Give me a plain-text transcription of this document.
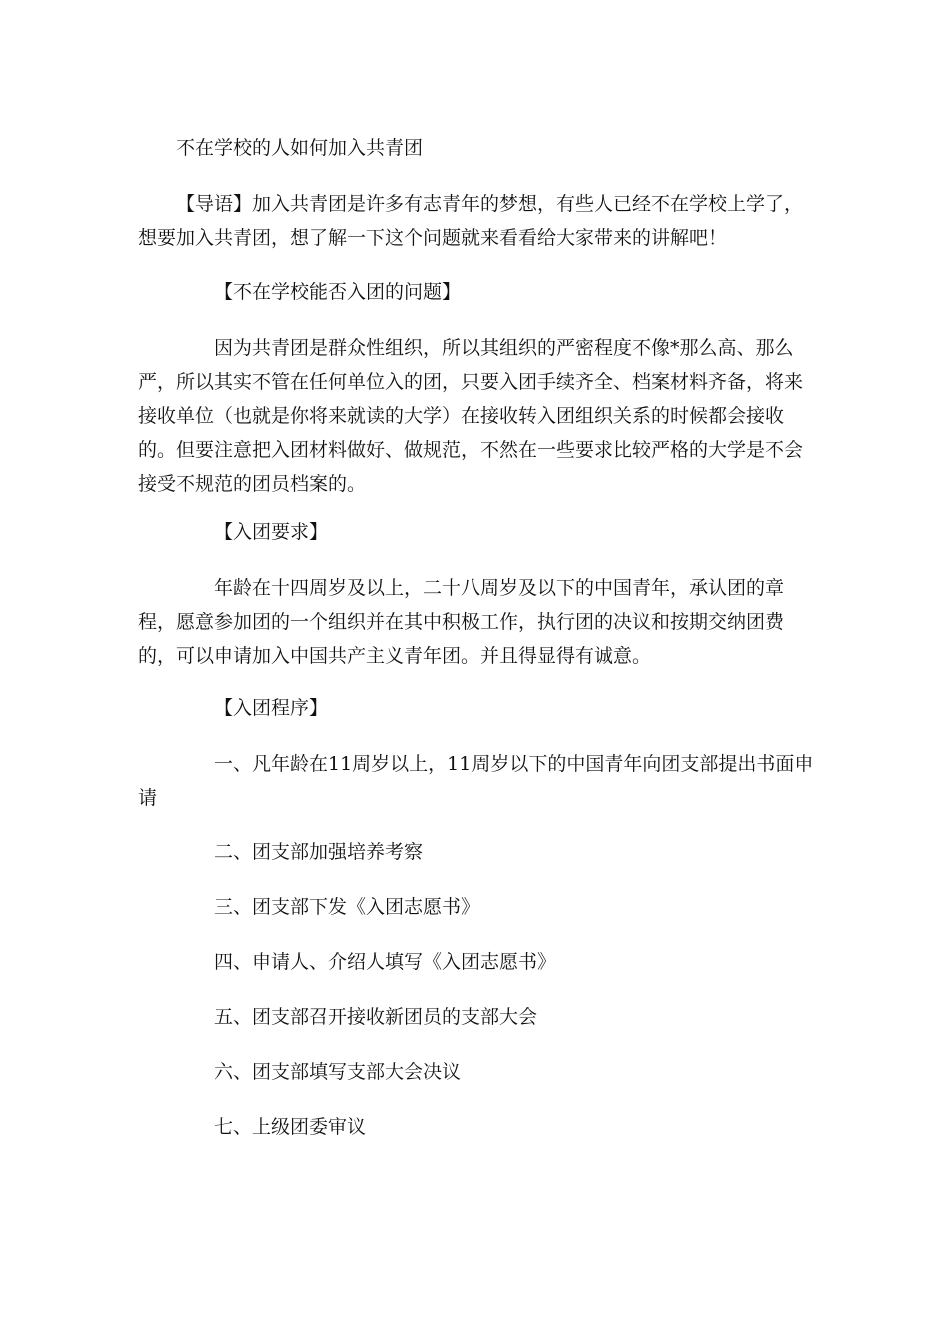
不在学校的人如何加入共青团
【导语】加入共青团是许多有志青年的梦想，有些人已经不在学校上学了，想要加入共青团，想了解一下这个问题就来看看给大家带来的讲解吧！
【不在学校能否入团的问题】
因为共青团是群众性组织，所以其组织的严密程度不像*那么高、那么严，所以其实不管在任何单位入的团，只要入团手续齐全、档案材料齐备，将来接收单位（也就是你将来就读的大学）在接收转入团组织关系的时候都会接收的。但要注意把入团材料做好、做规范，不然在一些要求比较严格的大学是不会接受不规范的团员档案的。
【入团要求】
年龄在十四周岁及以上，二十八周岁及以下的中国青年，承认团的章程，愿意参加团的一个组织并在其中积极工作，执行团的决议和按期交纳团费的，可以申请加入中国共产主义青年团。并且得显得有诚意。
【入团程序】
一、凡年龄在11周岁以上，11周岁以下的中国青年向团支部提出书面申请
二、团支部加强培养考察
三、团支部下发《入团志愿书》
四、申请人、介绍人填写《入团志愿书》
五、团支部召开接收新团员的支部大会
六、团支部填写支部大会决议
七、上级团委审议
